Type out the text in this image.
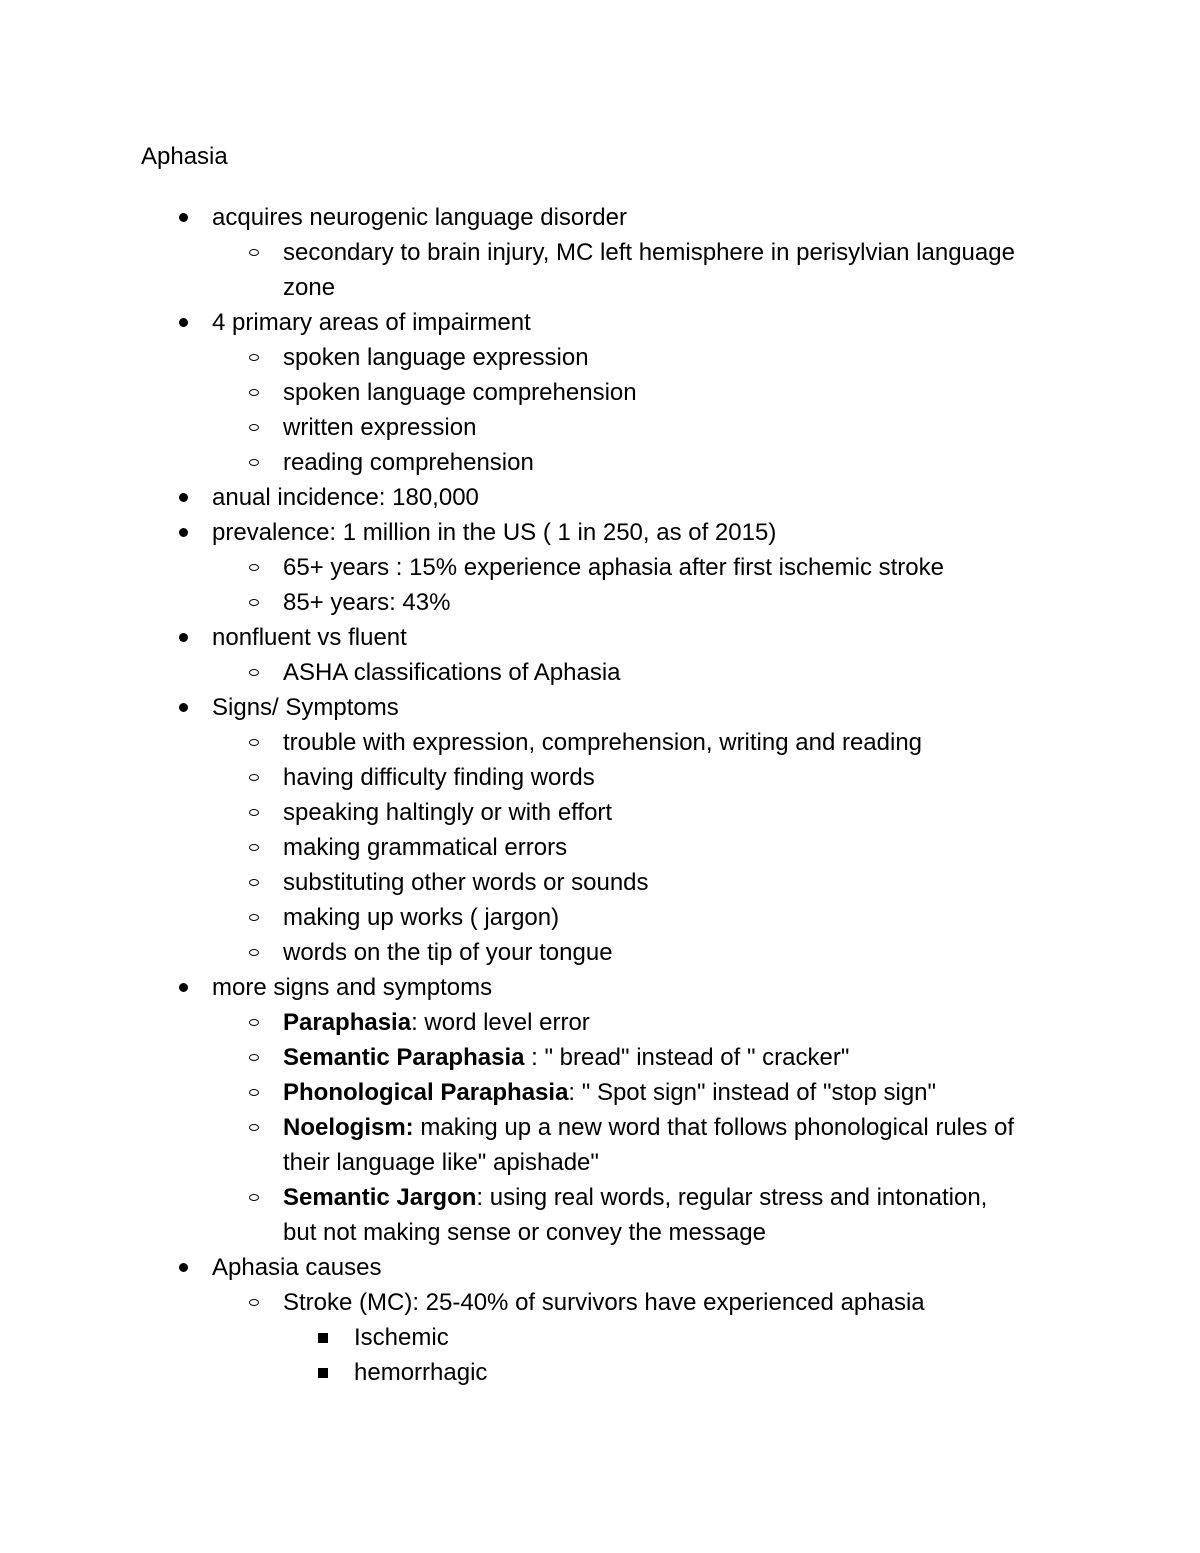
Aphasia
acquires neurogenic language disorder
secondary to brain injury, MC left hemisphere in perisylvian language zone
4 primary areas of impairment
spoken language expression
spoken language comprehension
written expression
reading comprehension
anual incidence: 180,000
prevalence: 1 million in the US ( 1 in 250, as of 2015)
65+ years : 15% experience aphasia after first ischemic stroke
85+ years: 43%
nonfluent vs fluent
ASHA classifications of Aphasia
Signs/ Symptoms
trouble with expression, comprehension, writing and reading
having difficulty finding words
speaking haltingly or with effort
making grammatical errors
substituting other words or sounds
making up works ( jargon)
words on the tip of your tongue
more signs and symptoms
Paraphasia: word level error
Semantic Paraphasia : " bread" instead of " cracker"
Phonological Paraphasia: " Spot sign" instead of "stop sign"
Noelogism: making up a new word that follows phonological rules of their language like" apishade"
Semantic Jargon: using real words, regular stress and intonation, but not making sense or convey the message
Aphasia causes
Stroke (MC): 25-40% of survivors have experienced aphasia
Ischemic
hemorrhagic
